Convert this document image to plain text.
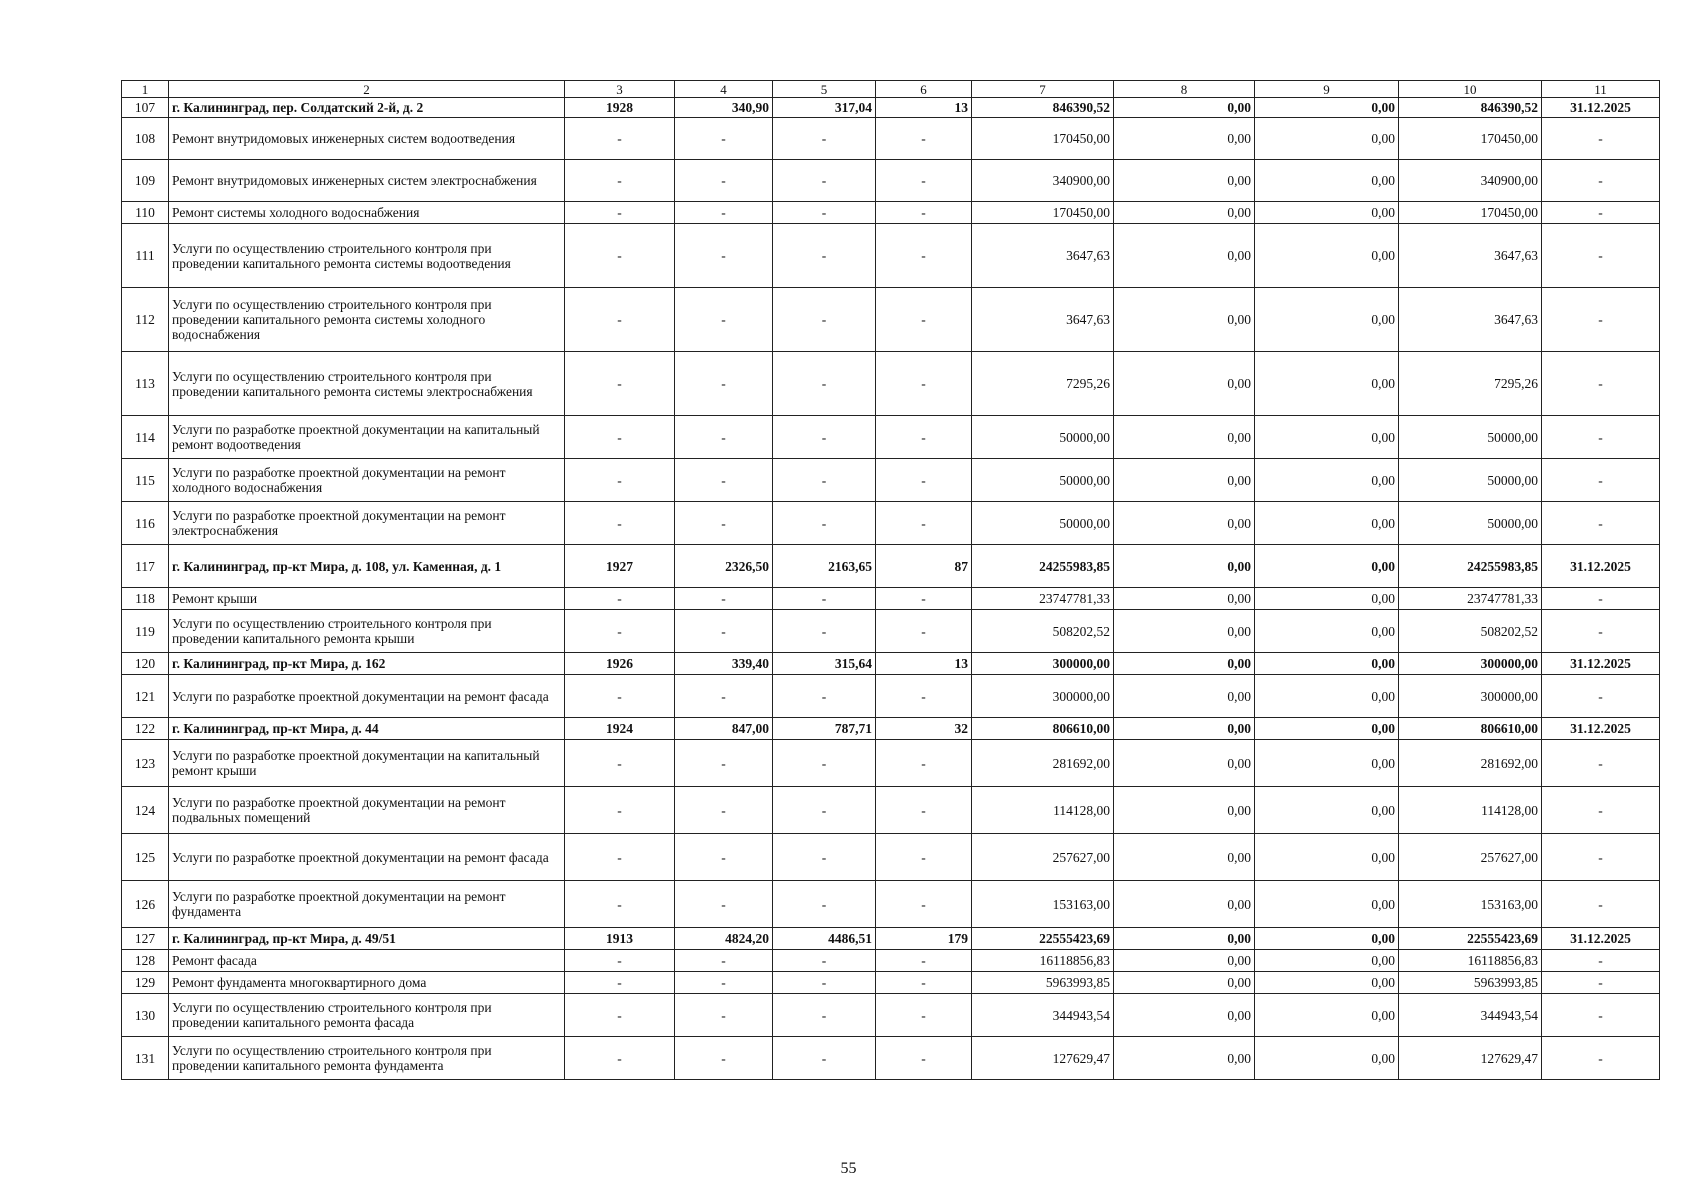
1	2	3	4	5	6	7	8	9	10	11
107	г. Калининград, пер. Солдатский 2-й, д. 2	1928	340,90	317,04	13	846390,52	0,00	0,00	846390,52	31.12.2025
108	Ремонт внутридомовых инженерных систем водоотведения	-	-	-	-	170450,00	0,00	0,00	170450,00	-
109	Ремонт внутридомовых инженерных систем электроснабжения	-	-	-	-	340900,00	0,00	0,00	340900,00	-
110	Ремонт системы холодного водоснабжения	-	-	-	-	170450,00	0,00	0,00	170450,00	-
111	Услуги по осуществлению строительного контроля при проведении капитального ремонта системы водоотведения	-	-	-	-	3647,63	0,00	0,00	3647,63	-
112	Услуги по осуществлению строительного контроля при проведении капитального ремонта системы холодного водоснабжения	-	-	-	-	3647,63	0,00	0,00	3647,63	-
113	Услуги по осуществлению строительного контроля при проведении капитального ремонта системы электроснабжения	-	-	-	-	7295,26	0,00	0,00	7295,26	-
114	Услуги по разработке проектной документации на капитальный ремонт водоотведения	-	-	-	-	50000,00	0,00	0,00	50000,00	-
115	Услуги по разработке проектной документации на ремонт холодного водоснабжения	-	-	-	-	50000,00	0,00	0,00	50000,00	-
116	Услуги по разработке проектной документации на ремонт электроснабжения	-	-	-	-	50000,00	0,00	0,00	50000,00	-
117	г. Калининград, пр-кт Мира, д. 108, ул. Каменная, д. 1	1927	2326,50	2163,65	87	24255983,85	0,00	0,00	24255983,85	31.12.2025
118	Ремонт крыши	-	-	-	-	23747781,33	0,00	0,00	23747781,33	-
119	Услуги по осуществлению строительного контроля при проведении капитального ремонта крыши	-	-	-	-	508202,52	0,00	0,00	508202,52	-
120	г. Калининград, пр-кт Мира, д. 162	1926	339,40	315,64	13	300000,00	0,00	0,00	300000,00	31.12.2025
121	Услуги по разработке проектной документации на ремонт фасада	-	-	-	-	300000,00	0,00	0,00	300000,00	-
122	г. Калининград, пр-кт Мира, д. 44	1924	847,00	787,71	32	806610,00	0,00	0,00	806610,00	31.12.2025
123	Услуги по разработке проектной документации на капитальный ремонт крыши	-	-	-	-	281692,00	0,00	0,00	281692,00	-
124	Услуги по разработке проектной документации на ремонт подвальных помещений	-	-	-	-	114128,00	0,00	0,00	114128,00	-
125	Услуги по разработке проектной документации на ремонт фасада	-	-	-	-	257627,00	0,00	0,00	257627,00	-
126	Услуги по разработке проектной документации на ремонт фундамента	-	-	-	-	153163,00	0,00	0,00	153163,00	-
127	г. Калининград, пр-кт Мира, д. 49/51	1913	4824,20	4486,51	179	22555423,69	0,00	0,00	22555423,69	31.12.2025
128	Ремонт фасада	-	-	-	-	16118856,83	0,00	0,00	16118856,83	-
129	Ремонт фундамента многоквартирного дома	-	-	-	-	5963993,85	0,00	0,00	5963993,85	-
130	Услуги по осуществлению строительного контроля при проведении капитального ремонта фасада	-	-	-	-	344943,54	0,00	0,00	344943,54	-
131	Услуги по осуществлению строительного контроля при проведении капитального ремонта фундамента	-	-	-	-	127629,47	0,00	0,00	127629,47	-
55
